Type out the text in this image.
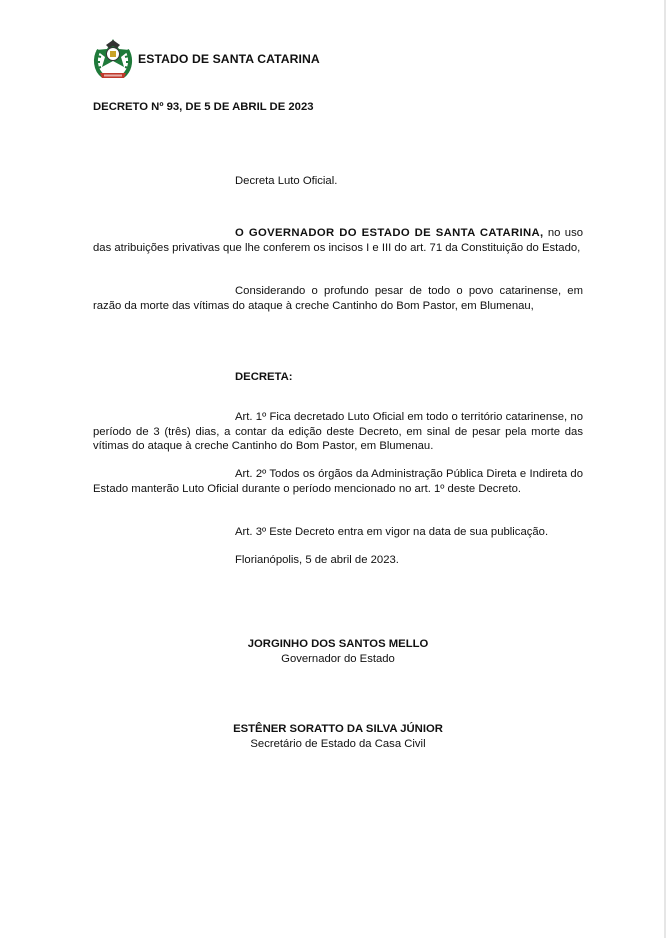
ESTADO DE SANTA CATARINA
DECRETO Nº 93, DE 5 DE ABRIL DE 2023
Decreta Luto Oficial.
O GOVERNADOR DO ESTADO DE SANTA CATARINA, no uso das atribuições privativas que lhe conferem os incisos I e III do art. 71 da Constituição do Estado,
Considerando o profundo pesar de todo o povo catarinense, em razão da morte das vítimas do ataque à creche Cantinho do Bom Pastor, em Blumenau,
DECRETA:
Art. 1º Fica decretado Luto Oficial em todo o território catarinense, no período de 3 (três) dias, a contar da edição deste Decreto, em sinal de pesar pela morte das vítimas do ataque à creche Cantinho do Bom Pastor, em Blumenau.
Art. 2º Todos os órgãos da Administração Pública Direta e Indireta do Estado manterão Luto Oficial durante o período mencionado no art. 1º deste Decreto.
Art. 3º Este Decreto entra em vigor na data de sua publicação.
Florianópolis, 5 de abril de 2023.
JORGINHO DOS SANTOS MELLO
Governador do Estado
ESTÊNER SORATTO DA SILVA JÚNIOR
Secretário de Estado da Casa Civil
